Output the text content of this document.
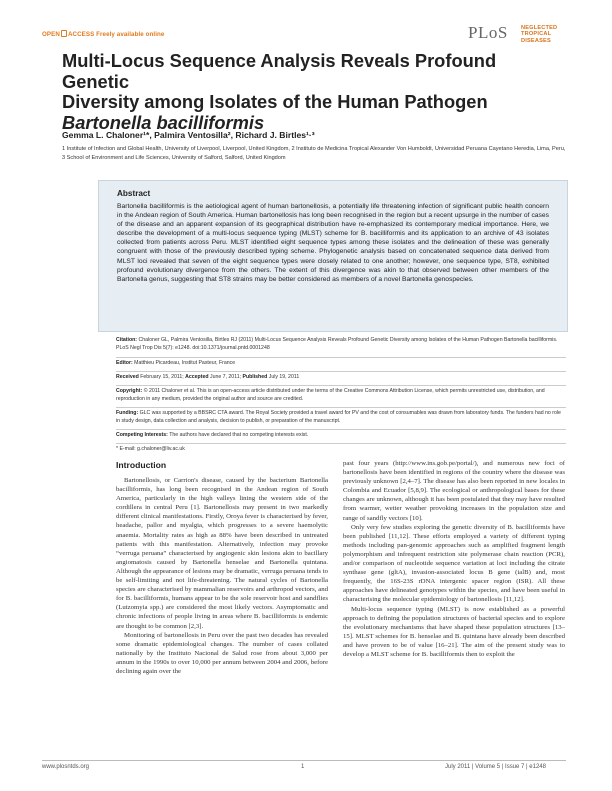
OPEN ACCESS Freely available online	PLoS NEGLECTED
TROPICAL DISEASES
Multi-Locus Sequence Analysis Reveals Profound Genetic
Diversity among Isolates of the Human Pathogen
Bartonella bacilliformis
Gemma L. Chaloner¹*, Palmira Ventosilla², Richard J. Birtles¹·³
1 Institute of Infection and Global Health, University of Liverpool, Liverpool, United Kingdom, 2 Instituto de Medicina Tropical Alexander Von Humboldt, Universidad Peruana Cayetano Heredia, Lima, Peru, 3 School of Environment and Life Sciences, University of Salford, Salford, United Kingdom
Abstract
Bartonella bacilliformis is the aetiological agent of human bartonellosis, a potentially life threatening infection of significant public health concern in the Andean region of South America. Human bartonellosis has long been recognised in the region but a recent upsurge in the number of cases of the disease and an apparent expansion of its geographical distribution have re-emphasized its contemporary medical importance. Here, we describe the development of a multi-locus sequence typing (MLST) scheme for B. bacilliformis and its application to an archive of 43 isolates collected from patients across Peru. MLST identified eight sequence types among these isolates and the delineation of these was generally congruent with those of the previously described typing scheme. Phylogenetic analysis based on concatenated sequence data derived from MLST loci revealed that seven of the eight sequence types were closely related to one another; however, one sequence type, ST8, exhibited profound evolutionary divergence from the others. The extent of this divergence was akin to that observed between other members of the Bartonella genus, suggesting that ST8 strains may be better considered as members of a novel Bartonella genospecies.
Citation: Chaloner GL, Palmira Ventosilla, Birtles RJ (2011) Multi-Locus Sequence Analysis Reveals Profound Genetic Diversity among Isolates of the Human Pathogen Bartonella bacilliformis. PLoS Negl Trop Dis 5(7): e1248. doi:10.1371/journal.pntd.0001248
Editor: Matthieu Picardeau, Institut Pasteur, France
Received February 15, 2011; Accepted June 7, 2011; Published July 19, 2011
Copyright: © 2011 Chaloner et al. This is an open-access article distributed under the terms of the Creative Commons Attribution License, which permits unrestricted use, distribution, and reproduction in any medium, provided the original author and source are credited.
Funding: GLC was supported by a BBSRC CTA award. The Royal Society provided a travel award for PV and the cost of consumables was drawn from laboratory funds. The funders had no role in study design, data collection and analysis, decision to publish, or preparation of the manuscript.
Competing Interests: The authors have declared that no competing interests exist.
* E-mail: g.chaloner@liv.ac.uk
Introduction

Bartonellosis, or Carrion's disease, caused by the bacterium Bartonella bacilliformis, has long been recognised in the Andean region of South America, particularly in the high valleys lining the western side of the cordillera in central Peru [1]. Bartonellosis may present in two markedly different clinical manifestations. Firstly, Oroya fever is characterised by fever, headache, pallor and myalgia, which progresses to a severe haemolytic anaemia. Mortality rates as high as 88% have been described in untreated patients with this manifestation. Alternatively, infection may provoke “verruga peruana” characterised by angiogenic skin lesions akin to bacillary angiomatosis caused by Bartonella henselae and Bartonella quintana. Although the appearance of lesions may be dramatic, verruga peruana tends to be self-limiting and not life-threatening. The natural cycles of Bartonella species are characterised by mammalian reservoirs and arthropod vectors, and for B. bacilliformis, humans appear to be the sole reservoir host and sandflies (Lutzomyia spp.) are considered the most likely vectors. Asymptomatic and chronic infections of people living in areas where B. bacilliformis is endemic are thought to be common [2,3].

Monitoring of bartonellosis in Peru over the past two decades has revealed some dramatic epidemiological changes. The number of cases collated nationally by the Instituto Nacional de Salud rose from about 3,000 per annum in the 1990s to over 10,000 per annum between 2004 and 2006, before declining again over the

past four years (http://www.ins.gob.pe/portal/), and numerous new foci of bartonellosis have been identified in regions of the country where the disease was previously unknown [2,4–7]. The disease has also been reported in new locales in Colombia and Ecuador [5,8,9]. The ecological or anthropological bases for these changes are unknown, although it has been postulated that they may have resulted from warmer, wetter weather provoking increases in the population size and range of sandfly vectors [10].

Only very few studies exploring the genetic diversity of B. bacilliformis have been published [11,12]. These efforts employed a variety of different typing methods including pan-genomic approaches such as amplified fragment length polymorphism and infrequent restriction site polymerase chain reaction (PCR), and/or comparison of nucleotide sequence variation at loci including the citrate synthase gene (gltA), invasion-associated locus B gene (ialB) and, most frequently, the 16S-23S rDNA intergenic spacer region (ISR). All these approaches have delineated genotypes within the species, and have been useful in characterising the molecular epidemiology of bartonellosis [11,12].

Multi-locus sequence typing (MLST) is now established as a powerful approach to defining the population structures of bacterial species and to explore the evolutionary mechanisms that have shaped these population structures [13–15]. MLST schemes for B. henselae and B. quintana have already been described and have proven to be of value [16–21]. The aim of the present study was to develop a MLST scheme for B. bacilliformis then to exploit the

www.plosntds.org	1	July 2011 | Volume 5 | Issue 7 | e1248
